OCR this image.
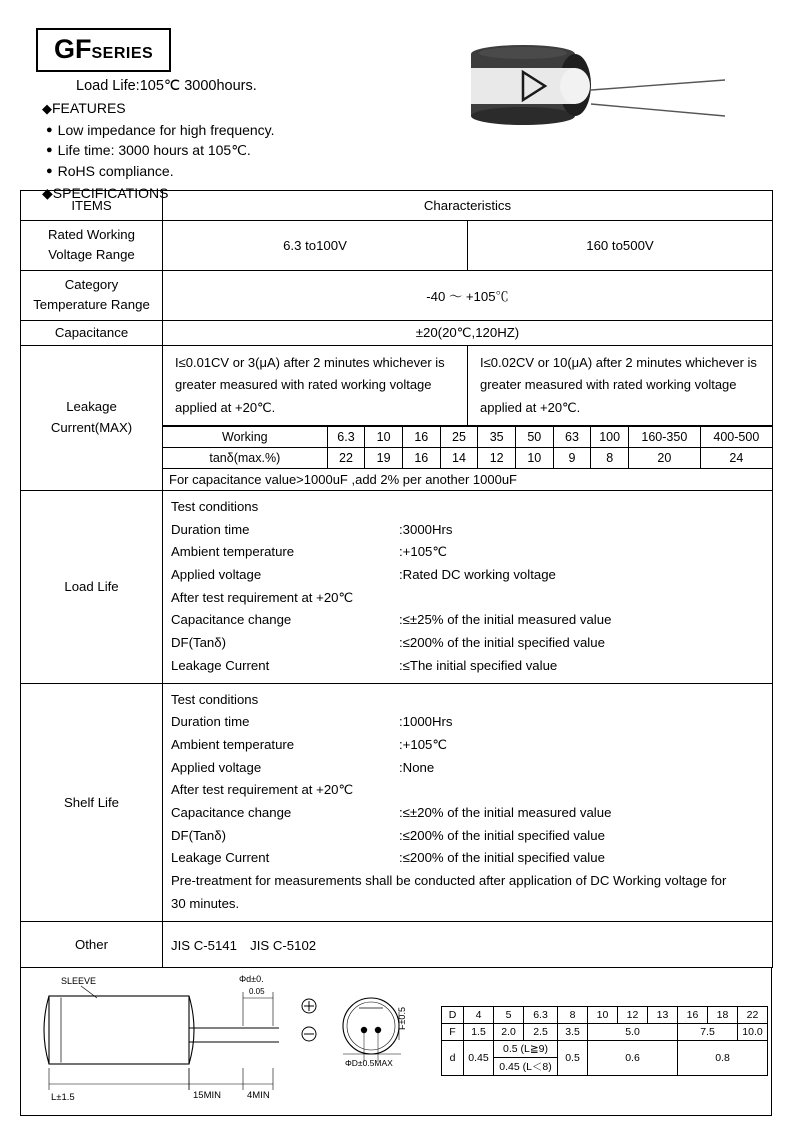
GFSERIES
Load Life:105℃ 3000hours.
◆FEATURES
● Low impedance for high frequency.
● Life time: 3000 hours at 105℃.
● RoHS compliance.
◆SPECIFICATIONS
ITEMS	Characteristics

Rated Working
Voltage Range
	6.3 to100V	160 to500V

Category
Temperature Range
	-40 ～ +105℃
Capacitance	±20(20℃,120HZ)

Leakage
Current(MAX)

I≤0.01CV or 3(μA) after 2 minutes whichever is greater measured with rated working voltage applied at +20℃.

I≤0.02CV or 10(μA) after 2 minutes whichever is greater measured with rated working voltage applied at +20℃.

Working	6.3	10	16	25	35	50	63	100	160-350	400-500
tanδ(max.%)	22	19	16	14	12	10	9	8	20	24
For capacitance value>1000uF ,add 2% per another 1000uF

Load Life	
Test conditions
Duration time	:3000Hrs
Ambient temperature	:+105℃
Applied voltage	:Rated DC working voltage
After test requirement at +20℃
Capacitance change	:≤±25% of the initial measured value
DF(Tanδ)	:≤200% of the initial specified value
Leakage Current	:≤The initial specified value

Shelf Life	
Test conditions
Duration time	:1000Hrs
Ambient temperature	:+105℃
Applied voltage	:None
After test requirement at +20℃
Capacitance change	:≤±20% of the initial measured value
DF(Tanδ)	:≤200% of the initial specified value
Leakage Current	:≤200% of the initial specified value
Pre-treatment for measurements shall be conducted after application of DC Working voltage for
30 minutes.

Other	JIS C-5141　JIS C-5102
SLEEVE	Φd±0.
0.05
L±1.5	15MIN	4MIN
ΦD±0.5MAX
F±0.5	D	4	5	6.3	8	10	12	13	16	18	22
F	1.5	2.0	2.5	3.5	5.0			7.5		10.0
d	0.45	0.5 (L≧9)		0.5	0.6			0.8		
		0.45 (L＜8)								
